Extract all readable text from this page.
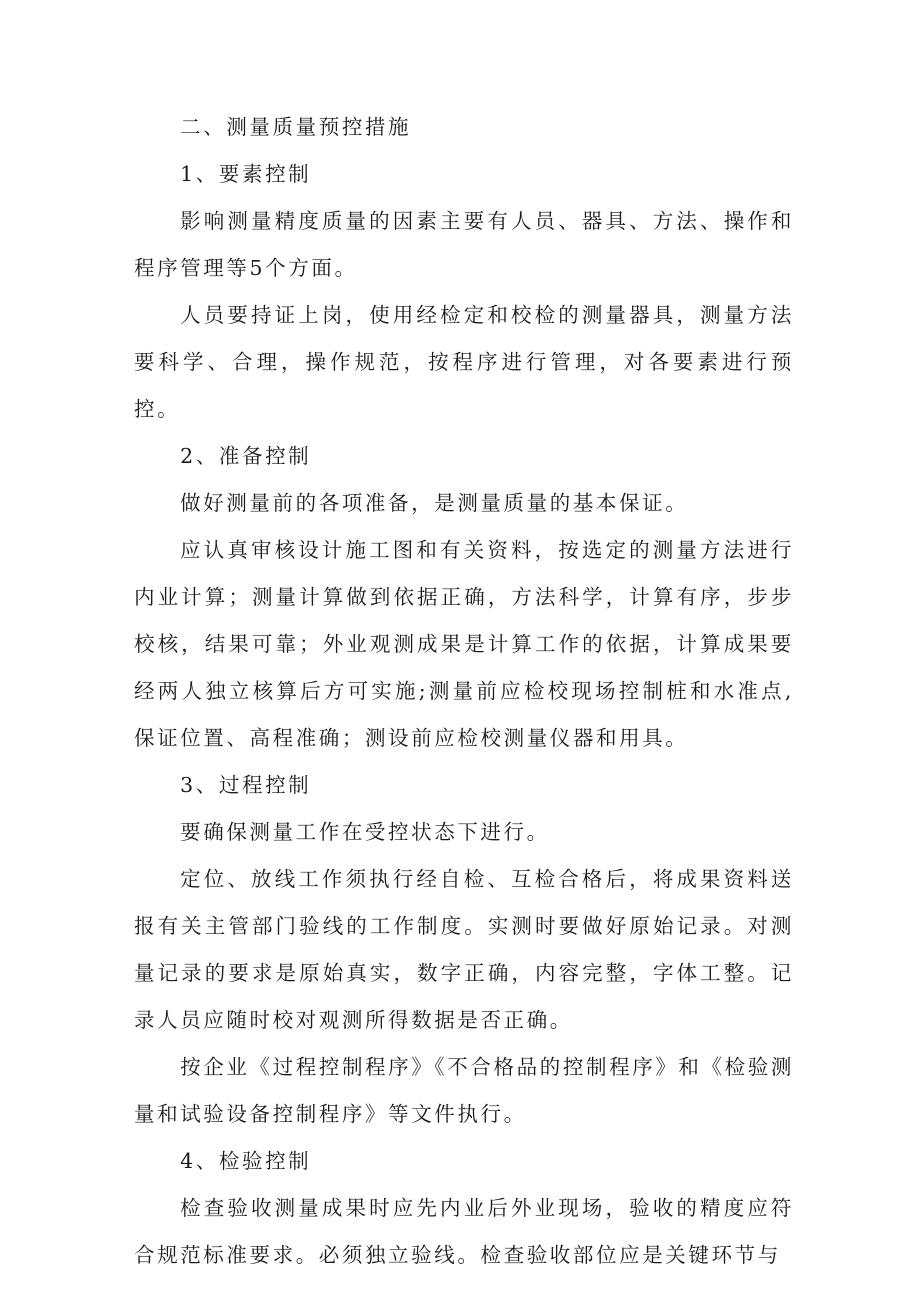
二、测量质量预控措施

1、要素控制

影响测量精度质量的因素主要有人员、器具、方法、操作和程序管理等5个方面。

人员要持证上岗，使用经检定和校检的测量器具，测量方法要科学、合理，操作规范，按程序进行管理，对各要素进行预控。

2、准备控制

做好测量前的各项准备，是测量质量的基本保证。

应认真审核设计施工图和有关资料，按选定的测量方法进行内业计算；测量计算做到依据正确，方法科学，计算有序，步步校核，结果可靠；外业观测成果是计算工作的依据，计算成果要经两人独立核算后方可实施;测量前应检校现场控制桩和水准点,保证位置、高程准确；测设前应检校测量仪器和用具。

3、过程控制

要确保测量工作在受控状态下进行。

定位、放线工作须执行经自检、互检合格后，将成果资料送报有关主管部门验线的工作制度。实测时要做好原始记录。对测量记录的要求是原始真实，数字正确，内容完整，字体工整。记录人员应随时校对观测所得数据是否正确。

按企业《过程控制程序》《不合格品的控制程序》和《检验测量和试验设备控制程序》等文件执行。

4、检验控制

检查验收测量成果时应先内业后外业现场，验收的精度应符合规范标准要求。必须独立验线。检查验收部位应是关键环节与
